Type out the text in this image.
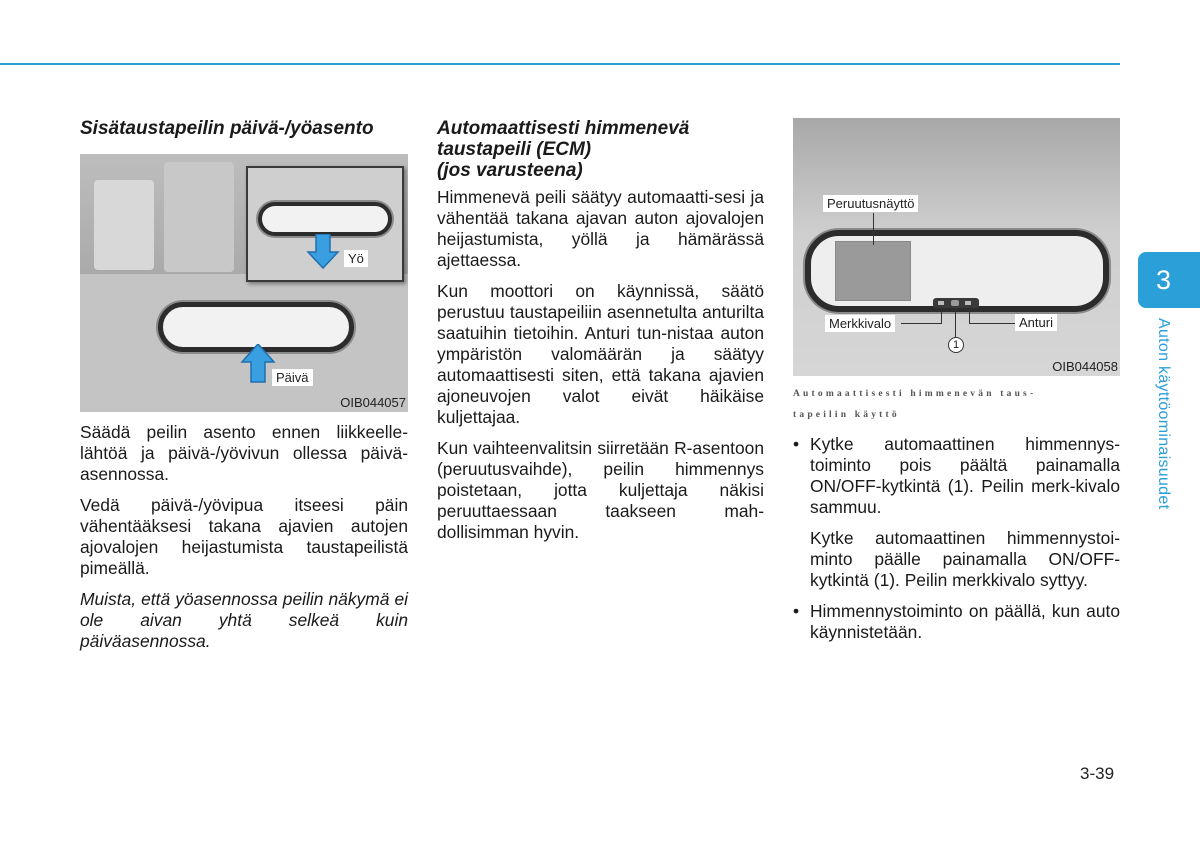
Sisätaustapeilin päivä-/yöasento
Päivä
Yö
OIB044057

Säädä peilin asento ennen liikkeelle-lähtöä ja päivä-/yövivun ollessa päivä-asennossa.

Vedä päivä-/yövipua itseesi päin vähentääksesi takana ajavien autojen ajovalojen heijastumista taustapeilistä pimeällä.

Muista, että yöasennossa peilin näkymä ei ole aivan yhtä selkeä kuin päiväasennossa.

Automaattisesti himmenevä
taustapeili (ECM)
(jos varusteena)

Himmenevä peili säätyy automaatti-sesi ja vähentää takana ajavan auton ajovalojen heijastumista, yöllä ja hämärässä ajettaessa.

Kun moottori on käynnissä, säätö perustuu taustapeiliin asennetulta anturilta saatuihin tietoihin. Anturi tun-nistaa auton ympäristön valomäärän ja säätyy automaattisesti siten, että takana ajavien ajoneuvojen valot eivät häikäise kuljettajaa.

Kun vaihteenvalitsin siirretään R-asentoon (peruutusvaihde), peilin himmennys poistetaan, jotta kuljettaja näkisi peruuttaessaan taakseen mah-dollisimman hyvin.

Peruutusnäyttö
Merkkivalo	Anturi
1
OIB044058
Automaattisesti himmenevän taus-
tapeilin käyttö
• Kytke automaattinen himmennys-toiminto pois päältä painamalla ON/OFF-kytkintä (1). Peilin merk-kivalo sammuu.

Kytke automaattinen himmennystoi-minto päälle painamalla ON/OFF-kytkintä (1). Peilin merkkivalo syttyy.

• Himmennystoiminto on päällä, kun auto käynnistetään.

3
Auton käyttöominaisuudet
3-39
